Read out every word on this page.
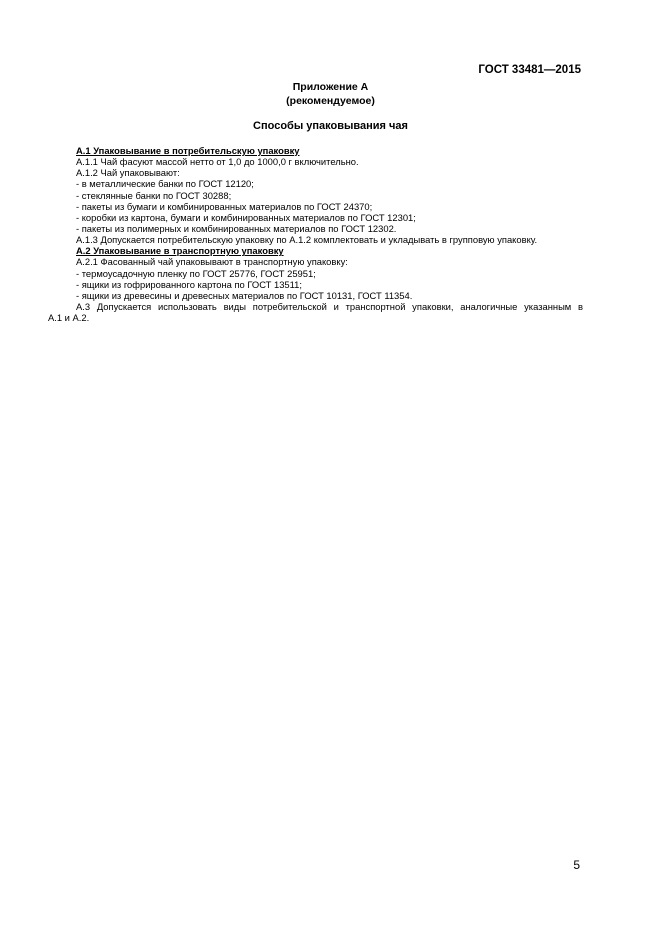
ГОСТ 33481—2015
Приложение А
(рекомендуемое)
Способы упаковывания чая
А.1 Упаковывание в потребительскую упаковку
А.1.1 Чай фасуют массой нетто от 1,0 до 1000,0 г включительно.
А.1.2 Чай упаковывают:
- в металлические банки по ГОСТ 12120;
- стеклянные банки по ГОСТ 30288;
- пакеты из бумаги и комбинированных материалов по ГОСТ 24370;
- коробки из картона, бумаги и комбинированных материалов по ГОСТ 12301;
- пакеты из полимерных и комбинированных материалов по ГОСТ 12302.
А.1.3 Допускается потребительскую упаковку по А.1.2 комплектовать и укладывать в групповую упаковку.
А.2 Упаковывание в транспортную упаковку
А.2.1 Фасованный чай упаковывают в транспортную упаковку:
- термоусадочную пленку по ГОСТ 25776, ГОСТ 25951;
- ящики из гофрированного картона по ГОСТ 13511;
- ящики из древесины и древесных материалов по ГОСТ 10131, ГОСТ 11354.
А.3 Допускается использовать виды потребительской и транспортной упаковки, аналогичные указанным в
А.1 и А.2.
5
